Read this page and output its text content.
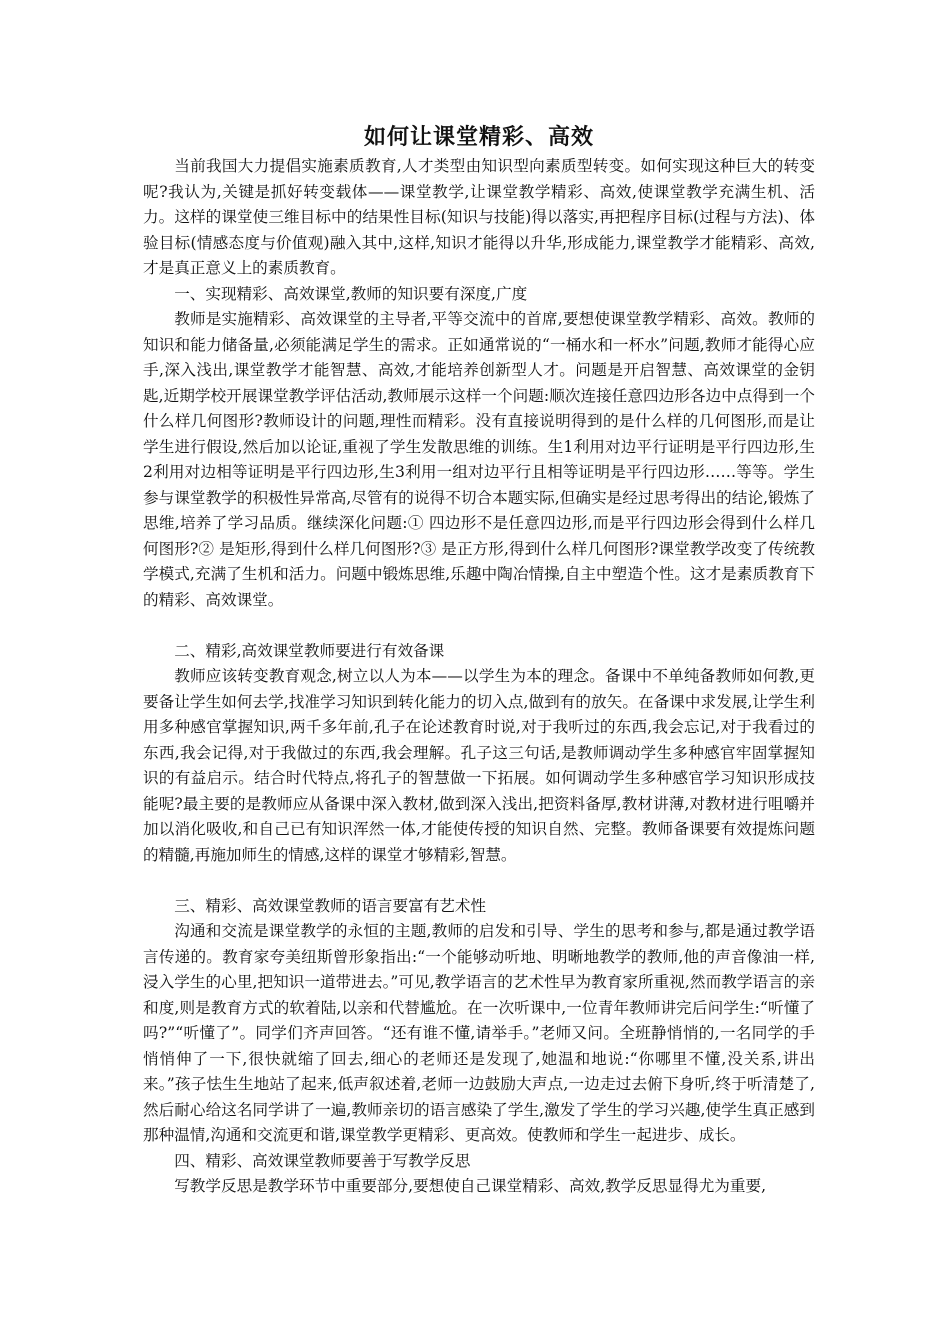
如何让课堂精彩、高效

当前我国大力提倡实施素质教育,人才类型由知识型向素质型转变。如何实现这种巨大的转变呢?我认为,关键是抓好转变载体——课堂教学,让课堂教学精彩、高效,使课堂教学充满生机、活力。这样的课堂使三维目标中的结果性目标(知识与技能)得以落实,再把程序目标(过程与方法)、体验目标(情感态度与价值观)融入其中,这样,知识才能得以升华,形成能力,课堂教学才能精彩、高效,才是真正意义上的素质教育。

一、实现精彩、高效课堂,教师的知识要有深度,广度

教师是实施精彩、高效课堂的主导者,平等交流中的首席,要想使课堂教学精彩、高效。教师的知识和能力储备量,必须能满足学生的需求。正如通常说的“一桶水和一杯水”问题,教师才能得心应手,深入浅出,课堂教学才能智慧、高效,才能培养创新型人才。问题是开启智慧、高效课堂的金钥匙,近期学校开展课堂教学评估活动,教师展示这样一个问题:顺次连接任意四边形各边中点得到一个什么样几何图形?教师设计的问题,理性而精彩。没有直接说明得到的是什么样的几何图形,而是让学生进行假设,然后加以论证,重视了学生发散思维的训练。生1利用对边平行证明是平行四边形,生2利用对边相等证明是平行四边形,生3利用一组对边平行且相等证明是平行四边形……等等。学生参与课堂教学的积极性异常高,尽管有的说得不切合本题实际,但确实是经过思考得出的结论,锻炼了思维,培养了学习品质。继续深化问题:① 四边形不是任意四边形,而是平行四边形会得到什么样几何图形?② 是矩形,得到什么样几何图形?③ 是正方形,得到什么样几何图形?课堂教学改变了传统教学模式,充满了生机和活力。问题中锻炼思维,乐趣中陶冶情操,自主中塑造个性。这才是素质教育下的精彩、高效课堂。

二、精彩,高效课堂教师要进行有效备课

教师应该转变教育观念,树立以人为本——以学生为本的理念。备课中不单纯备教师如何教,更要备让学生如何去学,找准学习知识到转化能力的切入点,做到有的放矢。在备课中求发展,让学生利用多种感官掌握知识,两千多年前,孔子在论述教育时说,对于我听过的东西,我会忘记,对于我看过的东西,我会记得,对于我做过的东西,我会理解。孔子这三句话,是教师调动学生多种感官牢固掌握知识的有益启示。结合时代特点,将孔子的智慧做一下拓展。如何调动学生多种感官学习知识形成技能呢?最主要的是教师应从备课中深入教材,做到深入浅出,把资料备厚,教材讲薄,对教材进行咀嚼并加以消化吸收,和自己已有知识浑然一体,才能使传授的知识自然、完整。教师备课要有效提炼问题的精髓,再施加师生的情感,这样的课堂才够精彩,智慧。

三、精彩、高效课堂教师的语言要富有艺术性

沟通和交流是课堂教学的永恒的主题,教师的启发和引导、学生的思考和参与,都是通过教学语言传递的。教育家夸美纽斯曾形象指出:“一个能够动听地、明晰地教学的教师,他的声音像油一样,浸入学生的心里,把知识一道带进去。”可见,教学语言的艺术性早为教育家所重视,然而教学语言的亲和度,则是教育方式的软着陆,以亲和代替尴尬。在一次听课中,一位青年教师讲完后问学生:“听懂了吗?”“听懂了”。同学们齐声回答。“还有谁不懂,请举手。”老师又问。全班静悄悄的,一名同学的手悄悄伸了一下,很快就缩了回去,细心的老师还是发现了,她温和地说:“你哪里不懂,没关系,讲出来。”孩子怯生生地站了起来,低声叙述着,老师一边鼓励大声点,一边走过去俯下身听,终于听清楚了,然后耐心给这名同学讲了一遍,教师亲切的语言感染了学生,激发了学生的学习兴趣,使学生真正感到那种温情,沟通和交流更和谐,课堂教学更精彩、更高效。使教师和学生一起进步、成长。

四、精彩、高效课堂教师要善于写教学反思

写教学反思是教学环节中重要部分,要想使自己课堂精彩、高效,教学反思显得尤为重要,
